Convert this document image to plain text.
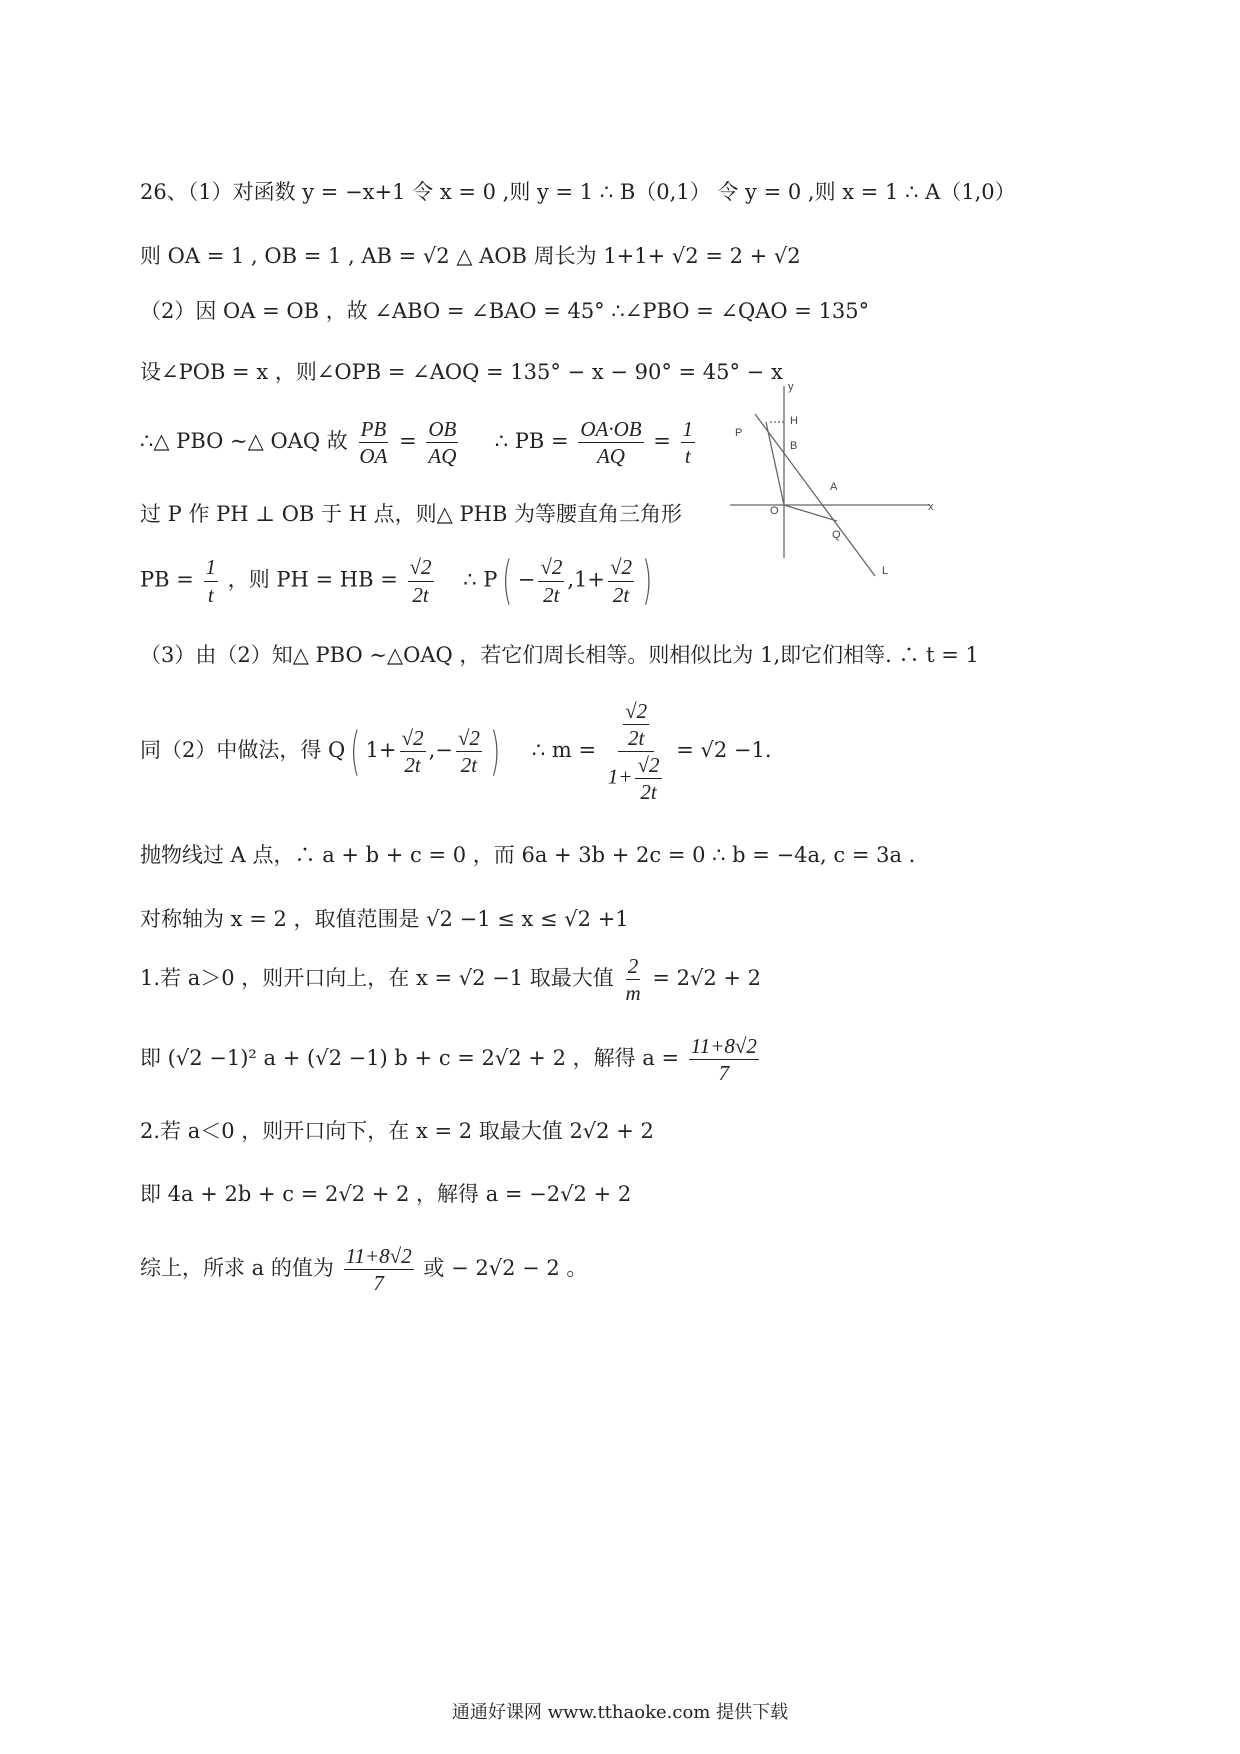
26、（1）对函数 y = −x+1 令 x = 0 ,则 y = 1 ∴ B（0,1） 令 y = 0 ,则 x = 1 ∴ A（1,0）
则 OA = 1 , OB = 1 , AB = √2 △ AOB 周长为 1+1+ √2 = 2 + √2
（2）因 OA = OB ，故 ∠ABO = ∠BAO = 45° ∴∠PBO = ∠QAO = 135°
设∠POB = x ，则∠OPB = ∠AOQ = 135° − x − 90° = 45° − x
∴△ PBO ∼△ OAQ 故 $\frac{PB}{OA} = \frac{OB}{AQ}$ ∴ PB = $\frac{OA\cdot OB}{AQ} = \frac{1}{t}$
过 P 作 PH ⊥ OB 于 H 点，则△ PHB 为等腰直角三角形
PB = $\frac{1}{t}$ ，则 PH = HB = $\frac{√2}{2t}$ ∴ $P( - \frac{√2}{2t} ,1+ \frac{√2}{2t}$ )
（3）由（2）知△ PBO ∼△OAQ ，若它们周长相等。则相似比为 1,即它们相等. ∴ t = 1
同（2）中做法，得 Q( $1+ \frac{√2}{2t}$ ,− $\frac{√2}{2t}$ ) ∴ $m = \frac{\frac{√2}{2t}}{1+ \frac{√2}{2t}} = √2 -1$.
抛物线过 A 点，∴ a + b + c = 0 ，而 6a + 3b + 2c = 0 ∴ b = −4a, c = 3a .
对称轴为 x = 2 ，取值范围是 √2 −1 ≤ x ≤ √2 +1
1.若 a＞0 ，则开口向上，在 x = √2 −1 取最大值 $\frac{2}{m} = 2√2 + 2$
即 (√2 −1)² a + (√2 −1) b + c = 2√2 + 2 ，解得 $a = \frac{11+8√2}{7}$
2.若 a＜0 ，则开口向下，在 x = 2 取最大值 2√2 + 2
即 4a + 2b + c = 2√2 + 2 ，解得 a = −2√2 + 2
综上，所求 a 的值为 $\frac{11+8√2}{7}$ 或 − 2√2 − 2 。
y
x
O
P
H
B
A
Q
L
通通好课网 www.tthaoke.com 提供下载
